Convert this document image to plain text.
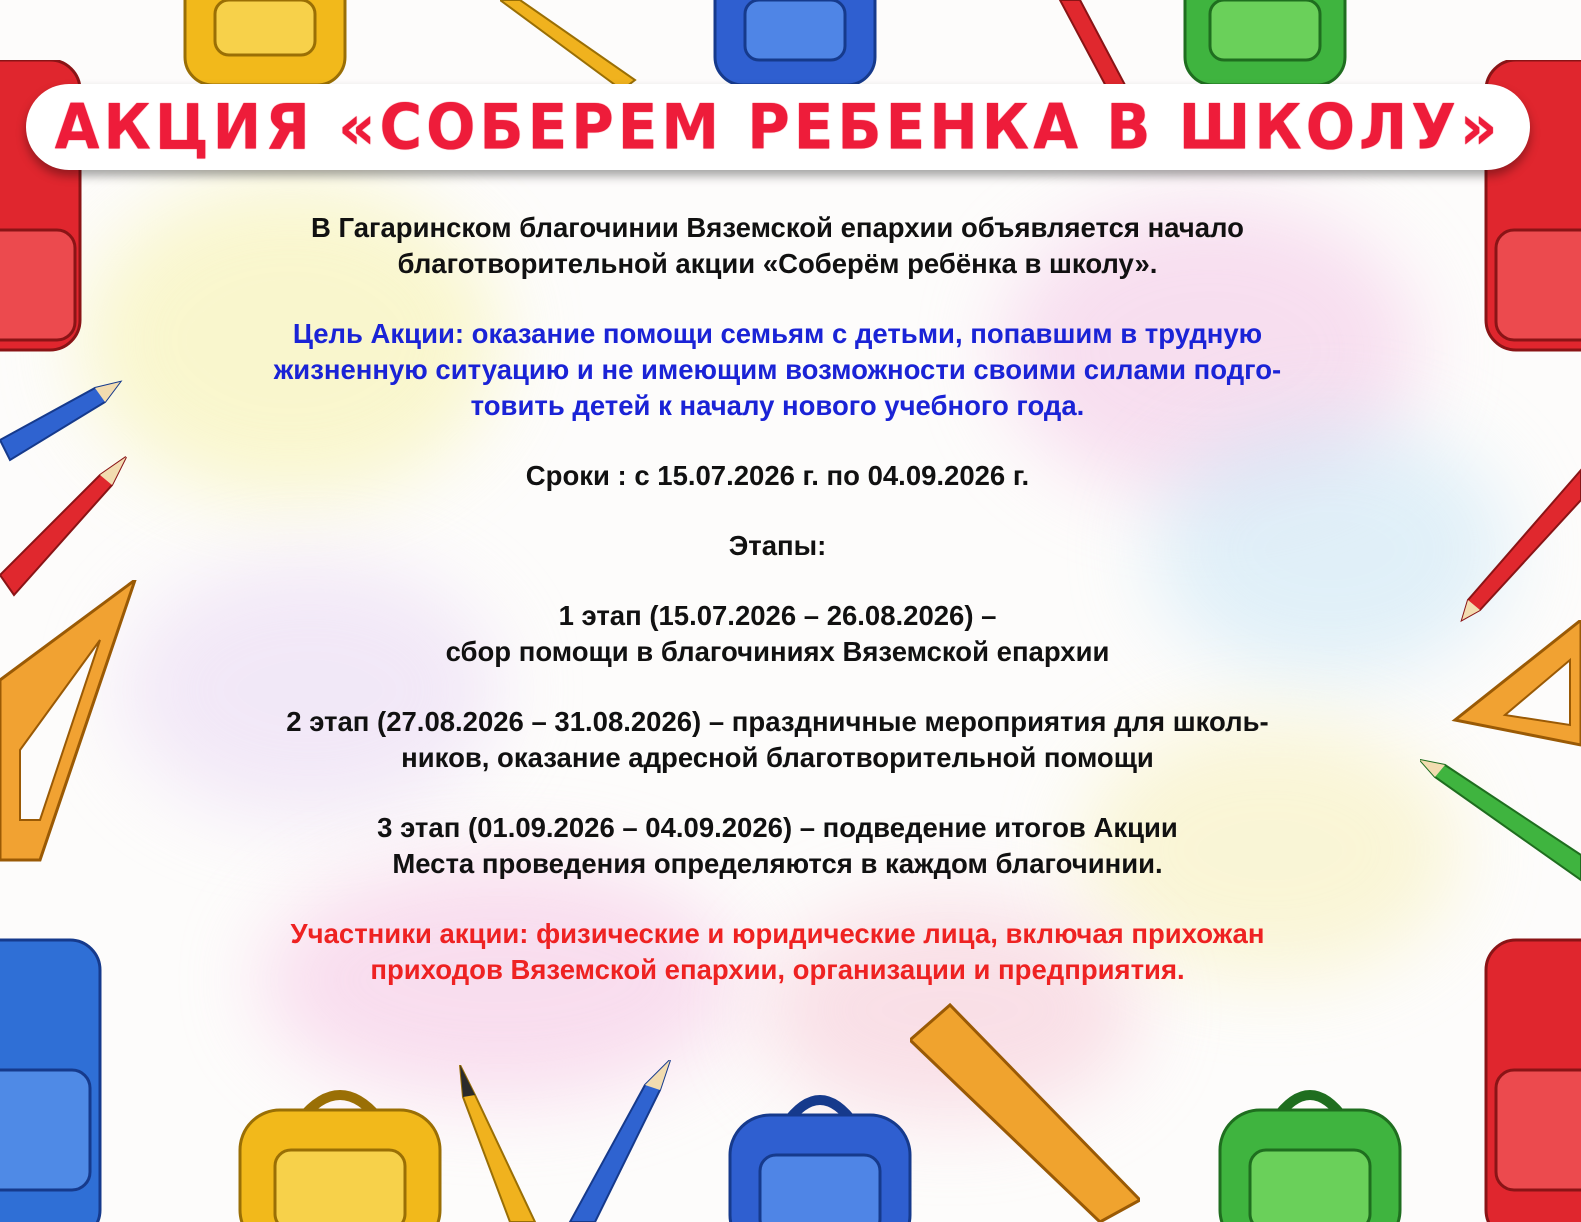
АКЦИЯ «СОБЕРЕМ РЕБЕНКА В ШКОЛУ»

В Гагаринском благочинии Вяземской епархии объявляется начало

благотворительной акции «Соберём ребёнка в школу».

Цель Акции: оказание помощи семьям с детьми, попавшим в трудную

жизненную ситуацию и не имеющим возможности своими силами подго-

товить детей к началу нового учебного года.

Сроки : с 15.07.2026 г. по 04.09.2026 г.

Этапы:

1 этап (15.07.2026 – 26.08.2026) –

сбор помощи в благочиниях Вяземской епархии

2 этап (27.08.2026 – 31.08.2026) – праздничные мероприятия для школь-

ников, оказание адресной благотворительной помощи

3 этап (01.09.2026 – 04.09.2026) – подведение итогов Акции

Места проведения определяются в каждом благочинии.

Участники акции: физические и юридические лица, включая прихожан

приходов Вяземской епархии, организации и предприятия.
